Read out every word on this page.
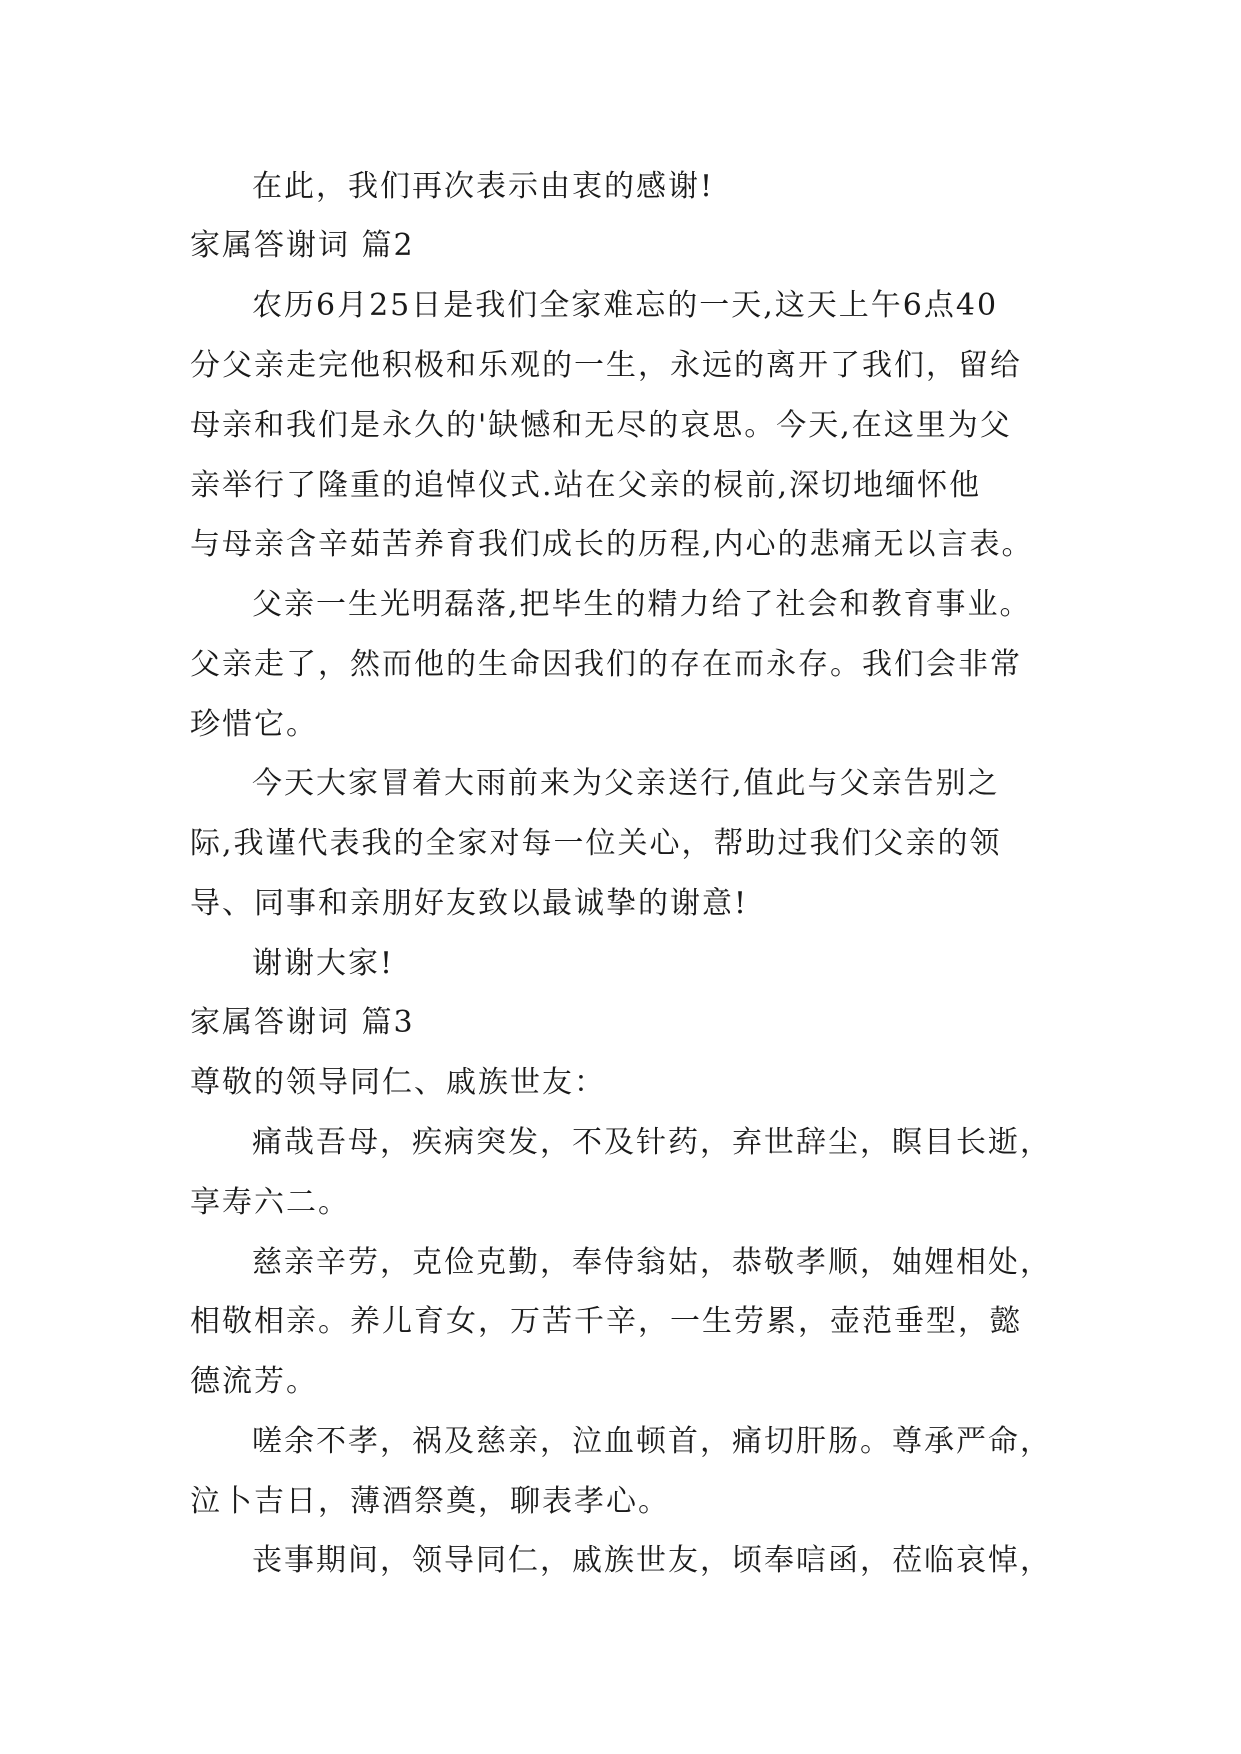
在此，我们再次表示由衷的感谢!
家属答谢词 篇2
农历6月25日是我们全家难忘的一天,这天上午6点40
分父亲走完他积极和乐观的一生，永远的离开了我们，留给
母亲和我们是永久的'缺憾和无尽的哀思。今天,在这里为父
亲举行了隆重的追悼仪式.站在父亲的棂前,深切地缅怀他
与母亲含辛茹苦养育我们成长的历程,内心的悲痛无以言表。
父亲一生光明磊落,把毕生的精力给了社会和教育事业。
父亲走了，然而他的生命因我们的存在而永存。我们会非常
珍惜它。
今天大家冒着大雨前来为父亲送行,值此与父亲告别之
际,我谨代表我的全家对每一位关心，帮助过我们父亲的领
导、同事和亲朋好友致以最诚挚的谢意!
谢谢大家!
家属答谢词 篇3
尊敬的领导同仁、戚族世友：
痛哉吾母，疾病突发，不及针药，弃世辞尘，瞑目长逝，
享寿六二。
慈亲辛劳，克俭克勤，奉侍翁姑，恭敬孝顺，妯娌相处，
相敬相亲。养儿育女，万苦千辛，一生劳累，壶范垂型，懿
德流芳。
嗟余不孝，祸及慈亲，泣血顿首，痛切肝肠。尊承严命，
泣卜吉日，薄酒祭奠，聊表孝心。
丧事期间，领导同仁，戚族世友，顷奉唁函，莅临哀悼，
